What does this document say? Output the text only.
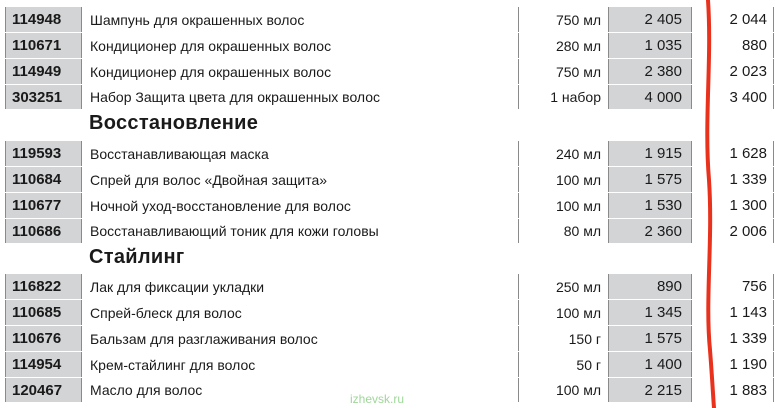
114948	Шампунь для окрашенных волос	750 мл	2 405	2 044
110671	Кондиционер для окрашенных волос	280 мл	1 035	880
114949	Кондиционер для окрашенных волос	750 мл	2 380	2 023
303251	Набор Защита цвета для окрашенных волос	1 набор	4 000	3 400
Восстановление
119593	Восстанавливающая маска	240 мл	1 915	1 628
110684	Спрей для волос «Двойная защита»	100 мл	1 575	1 339
110677	Ночной уход-восстановление для волос	100 мл	1 530	1 300
110686	Восстанавливающий тоник для кожи головы	80 мл	2 360	2 006
Стайлинг
116822	Лак для фиксации укладки	250 мл	890	756
110685	Спрей-блеск для волос	100 мл	1 345	1 143
110676	Бальзам для разглаживания волос	150 г	1 575	1 339
114954	Крем-стайлинг для волос	50 г	1 400	1 190
120467	Масло для волос	100 мл	2 215	1 883
izhevsk.ru
